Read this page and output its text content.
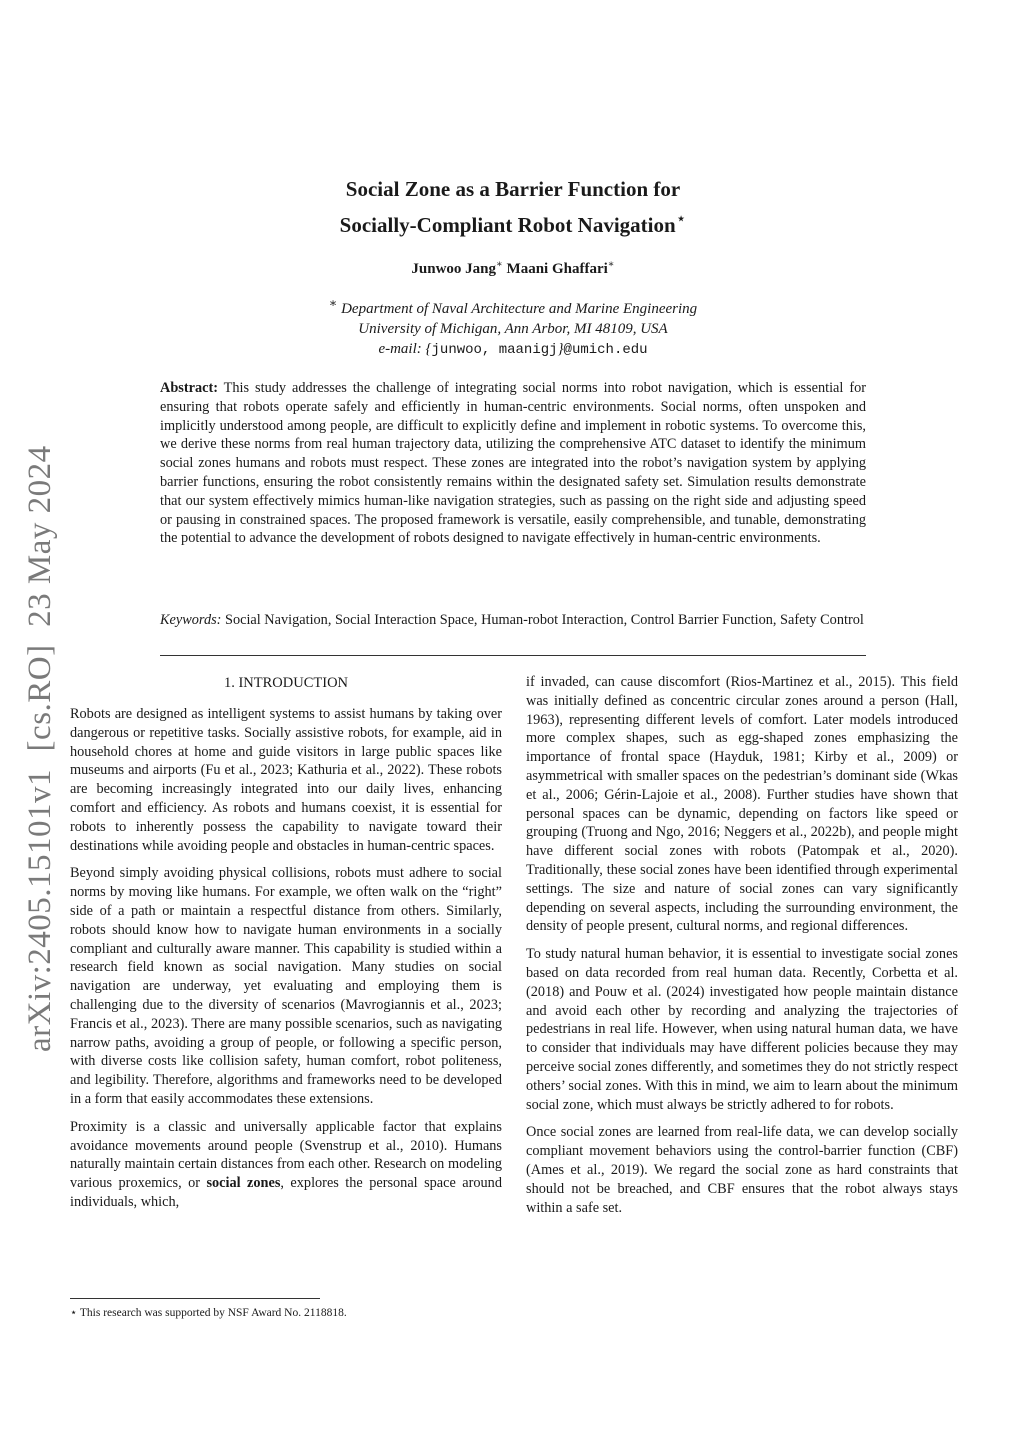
arXiv:2405.15101v1  [cs.RO]  23 May 2024
Social Zone as a Barrier Function for
Socially-Compliant Robot Navigation⋆
Junwoo Jang∗ Maani Ghaffari∗
∗ Department of Naval Architecture and Marine Engineering
University of Michigan, Ann Arbor, MI 48109, USA
e-mail: {junwoo, maanigj}@umich.edu
Abstract: This study addresses the challenge of integrating social norms into robot navigation, which is essential for ensuring that robots operate safely and efficiently in human-centric environments. Social norms, often unspoken and implicitly understood among people, are difficult to explicitly define and implement in robotic systems. To overcome this, we derive these norms from real human trajectory data, utilizing the comprehensive ATC dataset to identify the minimum social zones humans and robots must respect. These zones are integrated into the robot’s navigation system by applying barrier functions, ensuring the robot consistently remains within the designated safety set. Simulation results demonstrate that our system effectively mimics human-like navigation strategies, such as passing on the right side and adjusting speed or pausing in constrained spaces. The proposed framework is versatile, easily comprehensible, and tunable, demonstrating the potential to advance the development of robots designed to navigate effectively in human-centric environments.
Keywords: Social Navigation, Social Interaction Space, Human-robot Interaction, Control Barrier Function, Safety Control
1. INTRODUCTION

Robots are designed as intelligent systems to assist humans by taking over dangerous or repetitive tasks. Socially assistive robots, for example, aid in household chores at home and guide visitors in large public spaces like museums and airports (Fu et al., 2023; Kathuria et al., 2022). These robots are becoming increasingly integrated into our daily lives, enhancing comfort and efficiency. As robots and humans coexist, it is essential for robots to inherently possess the capability to navigate toward their destinations while avoiding people and obstacles in human-centric spaces.

Beyond simply avoiding physical collisions, robots must adhere to social norms by moving like humans. For example, we often walk on the “right” side of a path or maintain a respectful distance from others. Similarly, robots should know how to navigate human environments in a socially compliant and culturally aware manner. This capability is studied within a research field known as social navigation. Many studies on social navigation are underway, yet evaluating and employing them is challenging due to the diversity of scenarios (Mavrogiannis et al., 2023; Francis et al., 2023). There are many possible scenarios, such as navigating narrow paths, avoiding a group of people, or following a specific person, with diverse costs like collision safety, human comfort, robot politeness, and legibility. Therefore, algorithms and frameworks need to be developed in a form that easily accommodates these extensions.

Proximity is a classic and universally applicable factor that explains avoidance movements around people (Svenstrup et al., 2010). Humans naturally maintain certain distances from each other. Research on modeling various proxemics, or social zones, explores the personal space around individuals, which,

if invaded, can cause discomfort (Rios-Martinez et al., 2015). This field was initially defined as concentric circular zones around a person (Hall, 1963), representing different levels of comfort. Later models introduced more complex shapes, such as egg-shaped zones emphasizing the importance of frontal space (Hayduk, 1981; Kirby et al., 2009) or asymmetrical with smaller spaces on the pedestrian’s dominant side (Wkas et al., 2006; Gérin-Lajoie et al., 2008). Further studies have shown that personal spaces can be dynamic, depending on factors like speed or grouping (Truong and Ngo, 2016; Neggers et al., 2022b), and people might have different social zones with robots (Patompak et al., 2020). Traditionally, these social zones have been identified through experimental settings. The size and nature of social zones can vary significantly depending on several aspects, including the surrounding environment, the density of people present, cultural norms, and regional differences.

To study natural human behavior, it is essential to investigate social zones based on data recorded from real human data. Recently, Corbetta et al. (2018) and Pouw et al. (2024) investigated how people maintain distance and avoid each other by recording and analyzing the trajectories of pedestrians in real life. However, when using natural human data, we have to consider that individuals may have different policies because they may perceive social zones differently, and sometimes they do not strictly respect others’ social zones. With this in mind, we aim to learn about the minimum social zone, which must always be strictly adhered to for robots.

Once social zones are learned from real-life data, we can develop socially compliant movement behaviors using the control-barrier function (CBF) (Ames et al., 2019). We regard the social zone as hard constraints that should not be breached, and CBF ensures that the robot always stays within a safe set.

⋆ This research was supported by NSF Award No. 2118818.
